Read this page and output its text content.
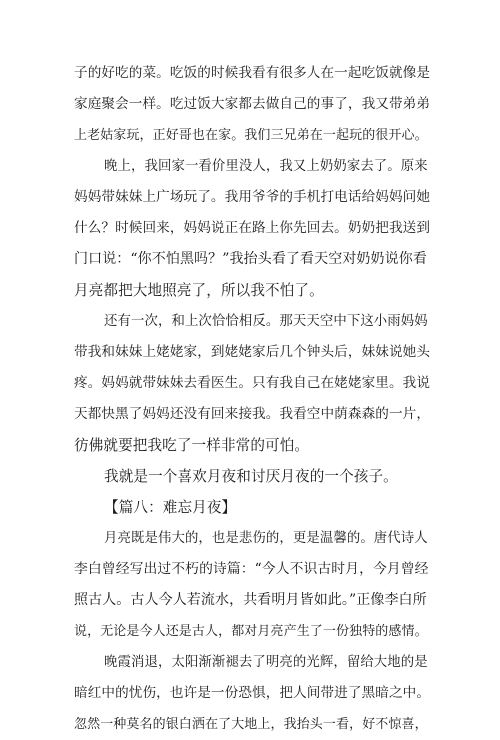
子的好吃的菜。吃饭的时候我看有很多人在一起吃饭就像是
家庭聚会一样。吃过饭大家都去做自己的事了，我又带弟弟
上老姑家玩，正好哥也在家。我们三兄弟在一起玩的很开心。
晚上，我回家一看价里没人，我又上奶奶家去了。原来
妈妈带妹妹上广场玩了。我用爷爷的手机打电话给妈妈问她
什么？时候回来，妈妈说正在路上你先回去。奶奶把我送到
门口说：“你不怕黑吗？”我抬头看了看天空对奶奶说你看
月亮都把大地照亮了，所以我不怕了。
还有一次，和上次恰恰相反。那天天空中下这小雨妈妈
带我和妹妹上姥姥家，到姥姥家后几个钟头后，妹妹说她头
疼。妈妈就带妹妹去看医生。只有我自己在姥姥家里。我说
天都快黑了妈妈还没有回来接我。我看空中荫森森的一片，
彷佛就要把我吃了一样非常的可怕。
我就是一个喜欢月夜和讨厌月夜的一个孩子。
【篇八：难忘月夜】
月亮既是伟大的，也是悲伤的，更是温馨的。唐代诗人
李白曾经写出过不朽的诗篇：“今人不识古时月，今月曾经
照古人。古人今人若流水，共看明月皆如此。”正像李白所
说，无论是今人还是古人，都对月亮产生了一份独特的感情。
晚霞消退，太阳渐渐褪去了明亮的光辉，留给大地的是
暗红中的忧伤，也许是一份恐惧，把人间带进了黑暗之中。
忽然一种莫名的银白洒在了大地上，我抬头一看，好不惊喜，
